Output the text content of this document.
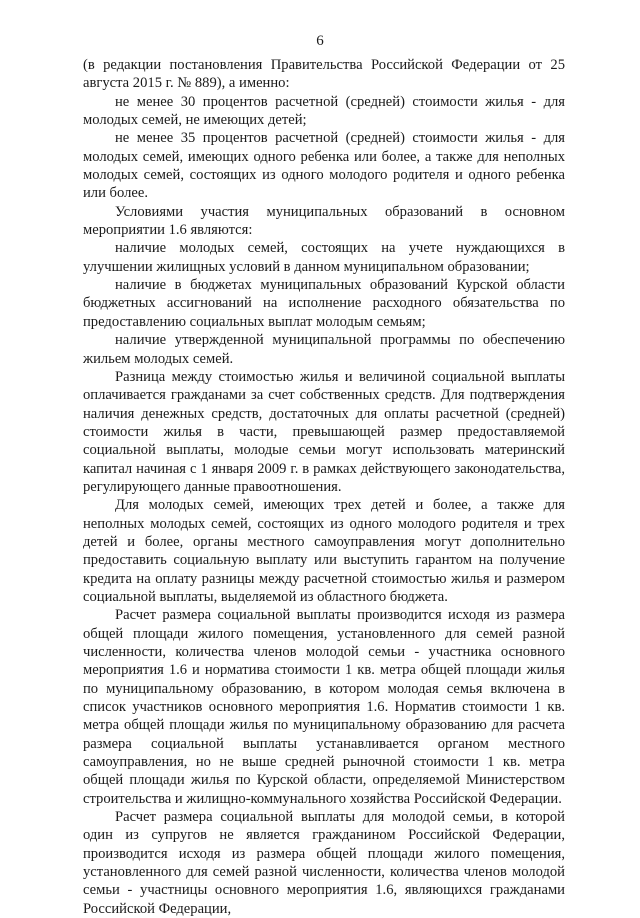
6

(в редакции постановления Правительства Российской Федерации от 25 августа 2015 г. № 889), а именно:

не менее 30 процентов расчетной (средней) стоимости жилья - для молодых семей, не имеющих детей;

не менее 35 процентов расчетной (средней) стоимости жилья - для молодых семей, имеющих одного ребенка или более, а также для неполных молодых семей, состоящих из одного молодого родителя и одного ребенка или более.

Условиями участия муниципальных образований в основном мероприятии 1.6 являются:

наличие молодых семей, состоящих на учете нуждающихся в улучшении жилищных условий в данном муниципальном образовании;

наличие в бюджетах муниципальных образований Курской области бюджетных ассигнований на исполнение расходного обязательства по предоставлению социальных выплат молодым семьям;

наличие утвержденной муниципальной программы по обеспечению жильем молодых семей.

Разница между стоимостью жилья и величиной социальной выплаты оплачивается гражданами за счет собственных средств. Для подтверждения наличия денежных средств, достаточных для оплаты расчетной (средней) стоимости жилья в части, превышающей размер предоставляемой социальной выплаты, молодые семьи могут использовать материнский капитал начиная с 1 января 2009 г. в рамках действующего законодательства, регулирующего данные правоотношения.

Для молодых семей, имеющих трех детей и более, а также для неполных молодых семей, состоящих из одного молодого родителя и трех детей и более, органы местного самоуправления могут дополнительно предоставить социальную выплату или выступить гарантом на получение кредита на оплату разницы между расчетной стоимостью жилья и размером социальной выплаты, выделяемой из областного бюджета.

Расчет размера социальной выплаты производится исходя из размера общей площади жилого помещения, установленного для семей разной численности, количества членов молодой семьи - участника основного мероприятия 1.6 и норматива стоимости 1 кв. метра общей площади жилья по муниципальному образованию, в котором молодая семья включена в список участников основного мероприятия 1.6. Норматив стоимости 1 кв. метра общей площади жилья по муниципальному образованию для расчета размера социальной выплаты устанавливается органом местного самоуправления, но не выше средней рыночной стоимости 1 кв. метра общей площади жилья по Курской области, определяемой Министерством строительства и жилищно-коммунального хозяйства Российской Федерации.

Расчет размера социальной выплаты для молодой семьи, в которой один из супругов не является гражданином Российской Федерации, производится исходя из размера общей площади жилого помещения, установленного для семей разной численности, количества членов молодой семьи - участницы основного мероприятия 1.6, являющихся гражданами Российской Федерации,
